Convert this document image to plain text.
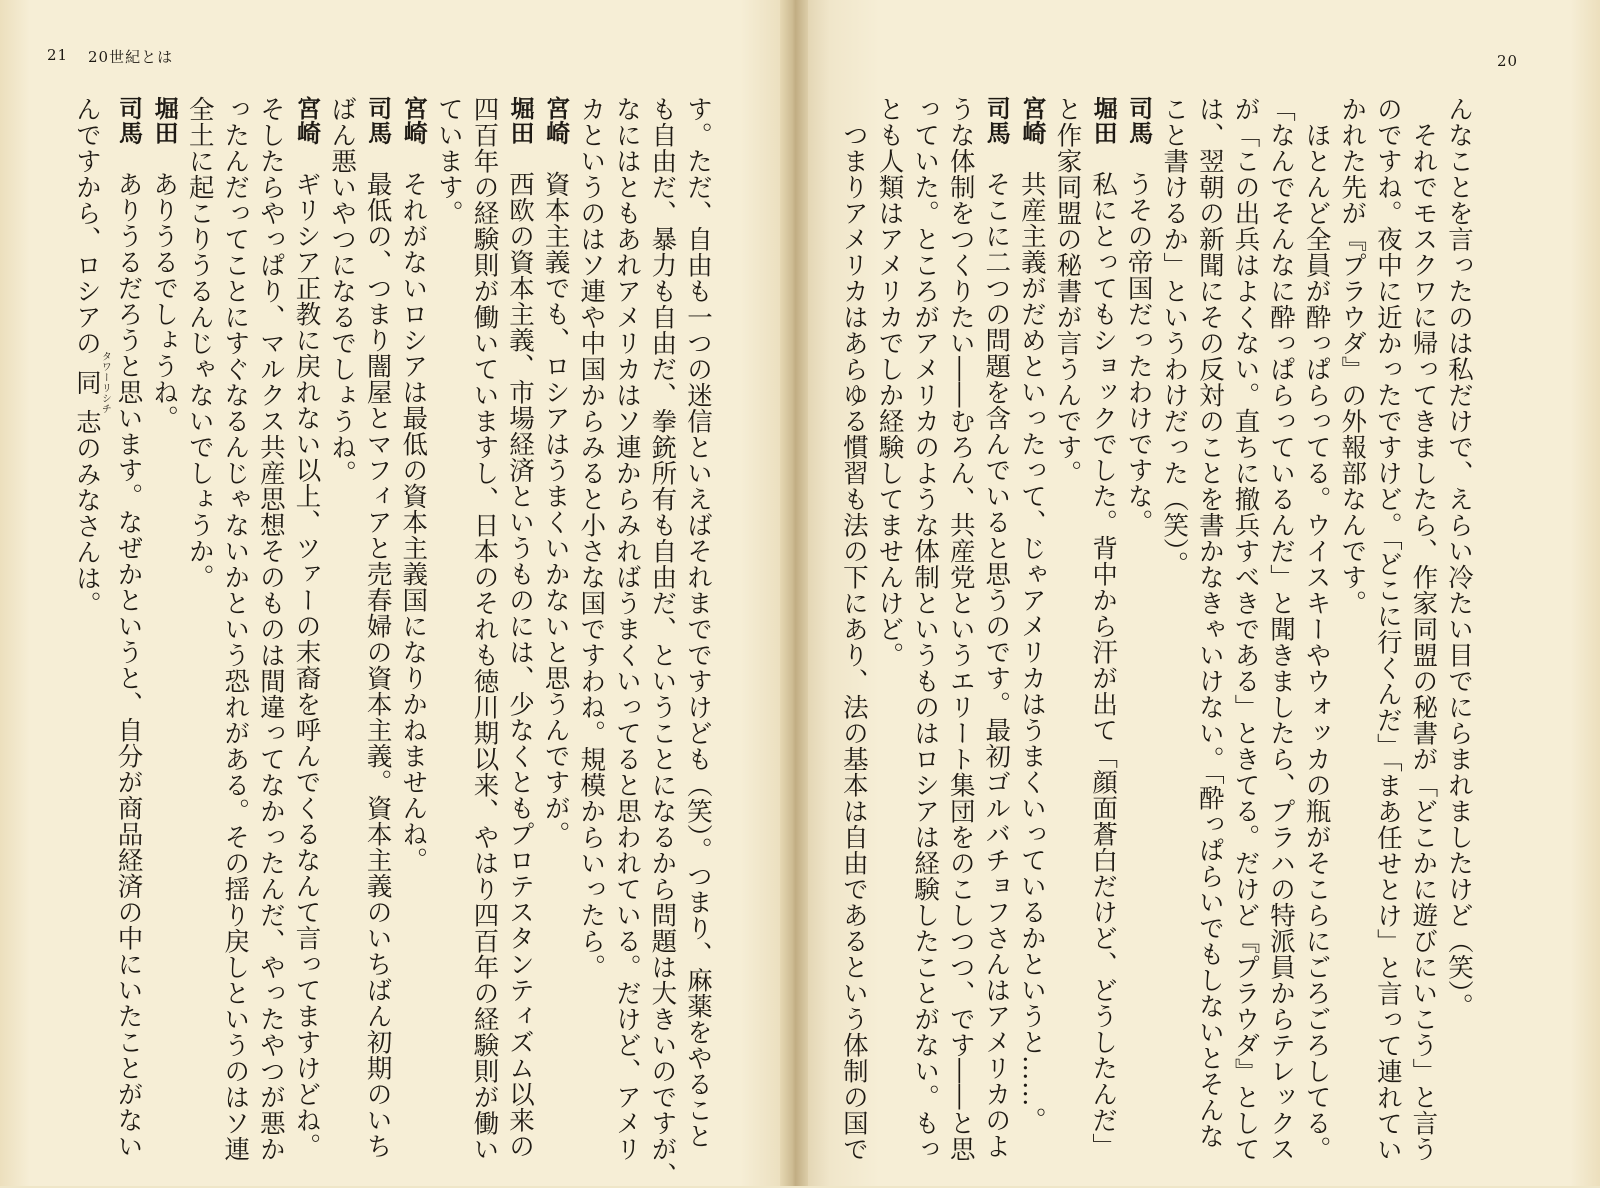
21 20世紀とは	20
んなことを言ったのは私だけで、えらい冷たい目でにらまれましたけど（笑）。
　それでモスクワに帰ってきましたら、作家同盟の秘書が「どこかに遊びにいこう」と言う
のですね。夜中に近かったですけど。「どこに行くんだ」「まあ任せとけ」と言って連れてい
かれた先が『プラウダ』の外報部なんです。
　ほとんど全員が酔っぱらってる。ウイスキーやウォッカの瓶がそこらにごろごろしてる。
「なんでそんなに酔っぱらっているんだ」と聞きましたら、プラハの特派員からテレックス
が「この出兵はよくない。直ちに撤兵すべきである」ときてる。だけど『プラウダ』として
は、翌朝の新聞にその反対のことを書かなきゃいけない。「酔っぱらいでもしないとそんな
こと書けるか」というわけだった（笑）。
司馬　うその帝国だったわけですな。
堀田　私にとってもショックでした。背中から汗が出て「顔面蒼白だけど、どうしたんだ」
と作家同盟の秘書が言うんです。
宮崎　共産主義がだめといったって、じゃアメリカはうまくいっているかというと……。
司馬　そこに二つの問題を含んでいると思うのです。最初ゴルバチョフさんはアメリカのよ
うな体制をつくりたい――むろん、共産党というエリート集団をのこしつつ、です――と思
っていた。ところがアメリカのような体制というものはロシアは経験したことがない。もっ
とも人類はアメリカでしか経験してませんけど。
　つまりアメリカはあらゆる慣習も法の下にあり、法の基本は自由であるという体制の国で
す。ただ、自由も一つの迷信といえばそれまでですけども（笑）。つまり、麻薬をやること
も自由だ、暴力も自由だ、拳銃所有も自由だ、ということになるから問題は大きいのですが、
なにはともあれアメリカはソ連からみればうまくいってると思われている。だけど、アメリ
カというのはソ連や中国からみると小さな国ですわね。規模からいったら。
宮崎　資本主義でも、ロシアはうまくいかないと思うんですが。
堀田　西欧の資本主義、市場経済というものには、少なくともプロテスタンティズム以来の
四百年の経験則が働いていますし、日本のそれも徳川期以来、やはり四百年の経験則が働い
ています。
宮崎　それがないロシアは最低の資本主義国になりかねませんね。
司馬　最低の、つまり闇屋とマフィアと売春婦の資本主義。資本主義のいちばん初期のいち
ばん悪いやつになるでしょうね。
宮崎　ギリシア正教に戻れない以上、ツァーの末裔を呼んでくるなんて言ってますけどね。
そしたらやっぱり、マルクス共産思想そのものは間違ってなかったんだ、やったやつが悪か
ったんだってことにすぐなるんじゃないかという恐れがある。その揺り戻しというのはソ連
全土に起こりうるんじゃないでしょうか。
堀田　ありうるでしょうね。
司馬　ありうるだろうと思います。なぜかというと、自分が商品経済の中にいたことがない
んですから、ロシアの同タワーリシチ志のみなさんは。
